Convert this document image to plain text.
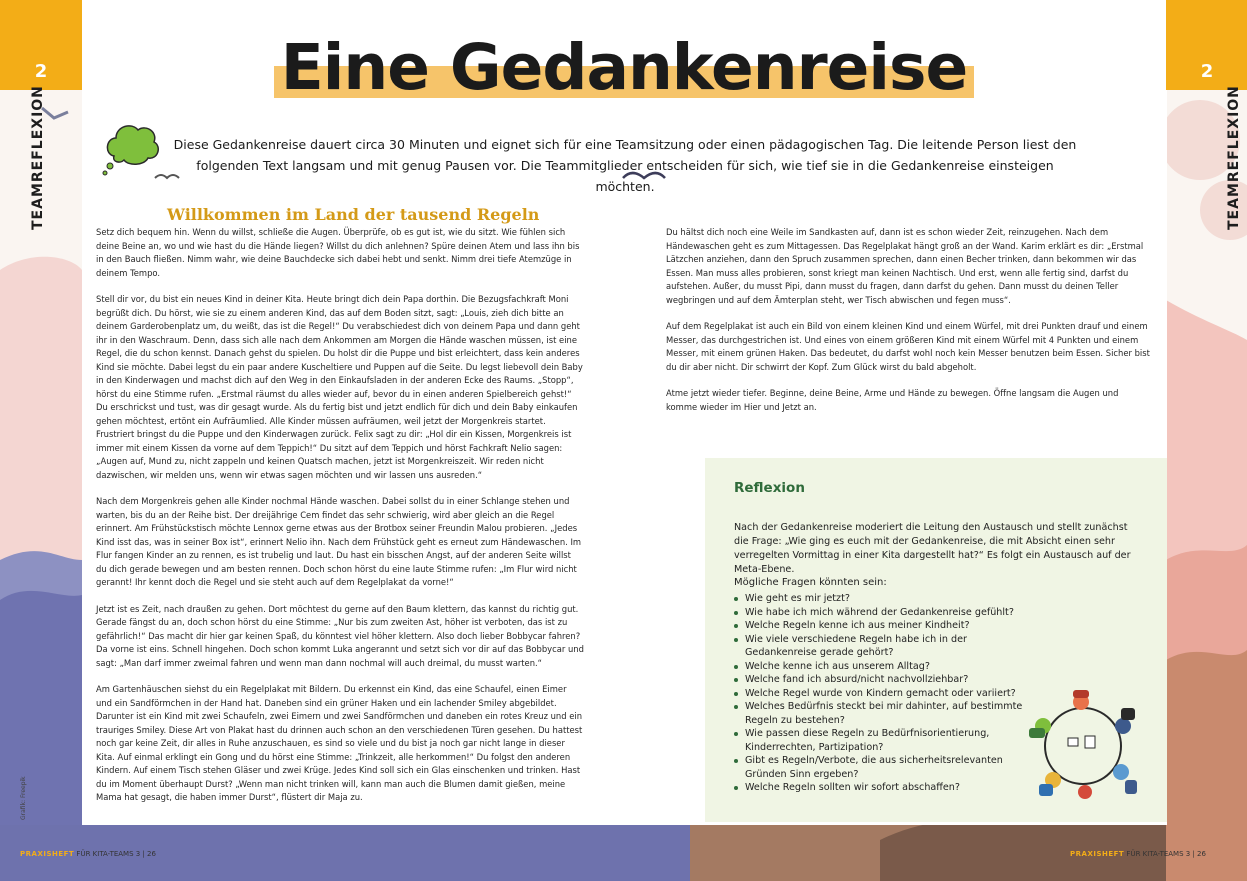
2	2
TEAMREFLEXION	TEAMREFLEXION
Grafik: Freepik
Eine Gedankenreise

Diese Gedankenreise dauert circa 30 Minuten und eignet sich für eine Teamsitzung oder einen pädagogischen Tag. Die leitende Person liest den folgenden Text langsam und mit genug Pausen vor. Die Teammitglieder entscheiden für sich, wie tief sie in die Gedankenreise einsteigen möchten.

Willkommen im Land der tausend Regeln

Setz dich bequem hin. Wenn du willst, schließe die Augen. Überprüfe, ob es gut ist, wie du sitzt. Wie fühlen sich deine Beine an, wo und wie hast du die Hände liegen? Willst du dich anlehnen? Spüre deinen Atem und lass ihn bis in den Bauch fließen. Nimm wahr, wie deine Bauchdecke sich dabei hebt und senkt. Nimm drei tiefe Atemzüge in deinem Tempo.

Stell dir vor, du bist ein neues Kind in deiner Kita. Heute bringt dich dein Papa dorthin. Die Bezugsfachkraft Moni begrüßt dich. Du hörst, wie sie zu einem anderen Kind, das auf dem Boden sitzt, sagt: „Louis, zieh dich bitte an deinem Garderobenplatz um, du weißt, das ist die Regel!“ Du verabschiedest dich von deinem Papa und dann geht ihr in den Waschraum. Denn, dass sich alle nach dem Ankommen am Morgen die Hände waschen müssen, ist eine Regel, die du schon kennst. Danach gehst du spielen. Du holst dir die Puppe und bist erleichtert, dass kein anderes Kind sie möchte. Dabei legst du ein paar andere Kuscheltiere und Puppen auf die Seite. Du legst liebevoll dein Baby in den Kinderwagen und machst dich auf den Weg in den Einkaufsladen in der anderen Ecke des Raums. „Stopp“, hörst du eine Stimme rufen. „Erstmal räumst du alles wieder auf, bevor du in einen anderen Spielbereich gehst!“ Du erschrickst und tust, was dir gesagt wurde. Als du fertig bist und jetzt endlich für dich und dein Baby einkaufen gehen möchtest, ertönt ein Aufräumlied. Alle Kinder müssen aufräumen, weil jetzt der Morgenkreis startet. Frustriert bringst du die Puppe und den Kinderwagen zurück. Felix sagt zu dir: „Hol dir ein Kissen, Morgenkreis ist immer mit einem Kissen da vorne auf dem Teppich!“ Du sitzt auf dem Teppich und hörst Fachkraft Nelio sagen: „Augen auf, Mund zu, nicht zappeln und keinen Quatsch machen, jetzt ist Morgenkreiszeit. Wir reden nicht dazwischen, wir melden uns, wenn wir etwas sagen möchten und wir lassen uns ausreden.“

Nach dem Morgenkreis gehen alle Kinder nochmal Hände waschen. Dabei sollst du in einer Schlange stehen und warten, bis du an der Reihe bist. Der dreijährige Cem findet das sehr schwierig, wird aber gleich an die Regel erinnert. Am Frühstückstisch möchte Lennox gerne etwas aus der Brotbox seiner Freundin Malou probieren. „Jedes Kind isst das, was in seiner Box ist“, erinnert Nelio ihn. Nach dem Frühstück geht es erneut zum Händewaschen. Im Flur fangen Kinder an zu rennen, es ist trubelig und laut. Du hast ein bisschen Angst, auf der anderen Seite willst du dich gerade bewegen und am besten rennen. Doch schon hörst du eine laute Stimme rufen: „Im Flur wird nicht gerannt! Ihr kennt doch die Regel und sie steht auch auf dem Regelplakat da vorne!“

Jetzt ist es Zeit, nach draußen zu gehen. Dort möchtest du gerne auf den Baum klettern, das kannst du richtig gut. Gerade fängst du an, doch schon hörst du eine Stimme: „Nur bis zum zweiten Ast, höher ist verboten, das ist zu gefährlich!“ Das macht dir hier gar keinen Spaß, du könntest viel höher klettern. Also doch lieber Bobbycar fahren? Da vorne ist eins. Schnell hingehen. Doch schon kommt Luka angerannt und setzt sich vor dir auf das Bobbycar und sagt: „Man darf immer zweimal fahren und wenn man dann nochmal will auch dreimal, du musst warten.“

Am Gartenhäuschen siehst du ein Regelplakat mit Bildern. Du erkennst ein Kind, das eine Schaufel, einen Eimer und ein Sandförmchen in der Hand hat. Daneben sind ein grüner Haken und ein lachender Smiley abgebildet. Darunter ist ein Kind mit zwei Schaufeln, zwei Eimern und zwei Sandförmchen und daneben ein rotes Kreuz und ein trauriges Smiley. Diese Art von Plakat hast du drinnen auch schon an den verschiedenen Türen gesehen. Du hattest noch gar keine Zeit, dir alles in Ruhe anzuschauen, es sind so viele und du bist ja noch gar nicht lange in dieser Kita. Auf einmal erklingt ein Gong und du hörst eine Stimme: „Trinkzeit, alle herkommen!“ Du folgst den anderen Kindern. Auf einem Tisch stehen Gläser und zwei Krüge. Jedes Kind soll sich ein Glas einschenken und trinken. Hast du im Moment überhaupt Durst? „Wenn man nicht trinken will, kann man auch die Blumen damit gießen, meine Mama hat gesagt, die haben immer Durst“, flüstert dir Maja zu.

Du hältst dich noch eine Weile im Sandkasten auf, dann ist es schon wieder Zeit, reinzugehen. Nach dem Händewaschen geht es zum Mittagessen. Das Regelplakat hängt groß an der Wand. Karim erklärt es dir: „Erstmal Lätzchen anziehen, dann den Spruch zusammen sprechen, dann einen Becher trinken, dann bekommen wir das Essen. Man muss alles probieren, sonst kriegt man keinen Nachtisch. Und erst, wenn alle fertig sind, darfst du aufstehen. Außer, du musst Pipi, dann musst du fragen, dann darfst du gehen. Dann musst du deinen Teller wegbringen und auf dem Ämterplan steht, wer Tisch abwischen und fegen muss“.

Auf dem Regelplakat ist auch ein Bild von einem kleinen Kind und einem Würfel, mit drei Punkten drauf und einem Messer, das durchgestrichen ist. Und eines von einem größeren Kind mit einem Würfel mit 4 Punkten und einem Messer, mit einem grünen Haken. Das bedeutet, du darfst wohl noch kein Messer benutzen beim Essen. Sicher bist du dir aber nicht. Dir schwirrt der Kopf. Zum Glück wirst du bald abgeholt.

Atme jetzt wieder tiefer. Beginne, deine Beine, Arme und Hände zu bewegen. Öffne langsam die Augen und komme wieder im Hier und Jetzt an.

Reflexion

Nach der Gedankenreise moderiert die Leitung den Austausch und stellt zunächst die Frage: „Wie ging es euch mit der Gedankenreise, die mit Absicht einen sehr verregelten Vormittag in einer Kita dargestellt hat?“ Es folgt ein Austausch auf der Meta-Ebene.

Mögliche Fragen könnten sein:

Wie geht es mir jetzt?
Wie habe ich mich während der Gedankenreise gefühlt?
Welche Regeln kenne ich aus meiner Kindheit?
Wie viele verschiedene Regeln habe ich in der Gedankenreise gerade gehört?
Welche kenne ich aus unserem Alltag?
Welche fand ich absurd/nicht nachvollziehbar?
Welche Regel wurde von Kindern gemacht oder variiert?
Welches Bedürfnis steckt bei mir dahinter, auf bestimmte Regeln zu bestehen?
Wie passen diese Regeln zu Bedürfnisorientierung, Kinderrechten, Partizipation?
Gibt es Regeln/Verbote, die aus sicherheitsrelevanten Gründen Sinn ergeben?
Welche Regeln sollten wir sofort abschaffen?
PRAXISHEFT FÜR KITA-TEAMS 3 | 26	PRAXISHEFT FÜR KITA-TEAMS 3 | 26
